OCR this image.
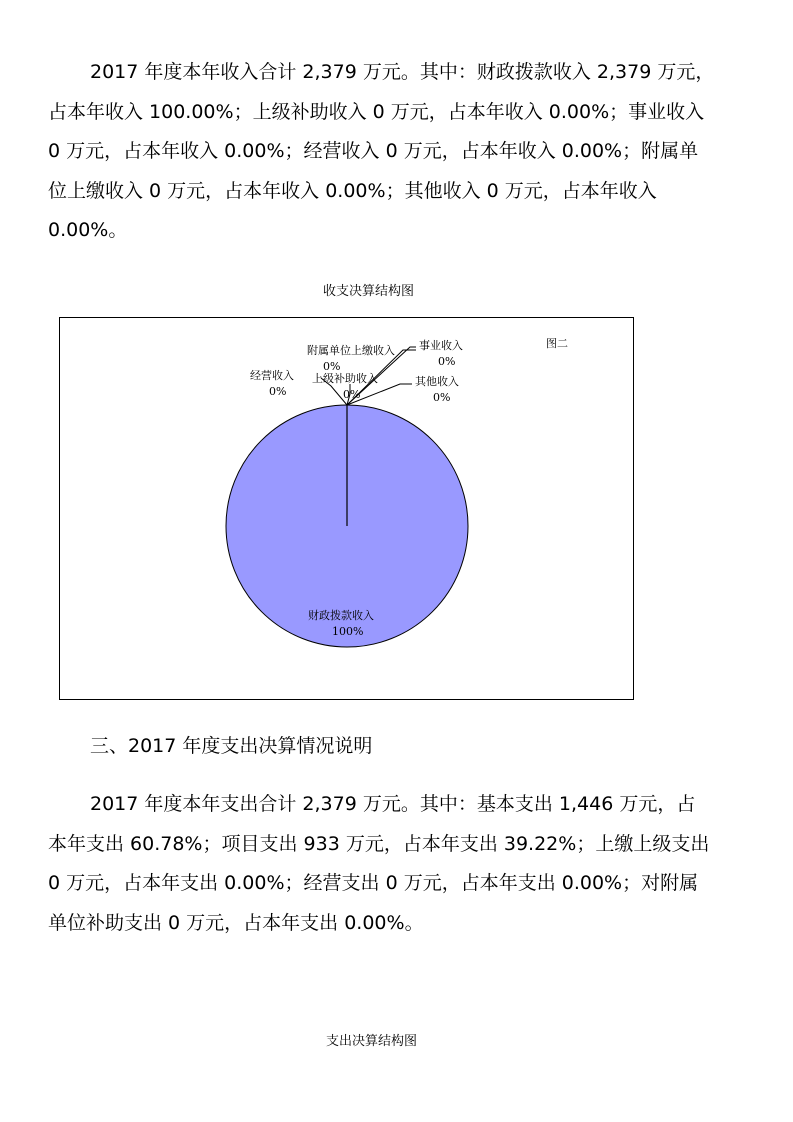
2017 年度本年收入合计 2,379 万元。其中：财政拨款收入 2,379 万元，
占本年收入 100.00%；上级补助收入 0 万元，占本年收入 0.00%；事业收入
0 万元，占本年收入 0.00%；经营收入 0 万元，占本年收入 0.00%；附属单
位上缴收入 0 万元，占本年收入 0.00%；其他收入 0 万元，占本年收入
0.00%。
收支决算结构图
附属单位上缴收入
0%
事业收入
0%
经营收入
0%
上级补助收入
0%
其他收入
0%
财政拨款收入
100%
图二
三、2017 年度支出决算情况说明
2017 年度本年支出合计 2,379 万元。其中：基本支出 1,446 万元，占
本年支出 60.78%；项目支出 933 万元，占本年支出 39.22%；上缴上级支出
0 万元，占本年支出 0.00%；经营支出 0 万元，占本年支出 0.00%；对附属
单位补助支出 0 万元，占本年支出 0.00%。
支出决算结构图
